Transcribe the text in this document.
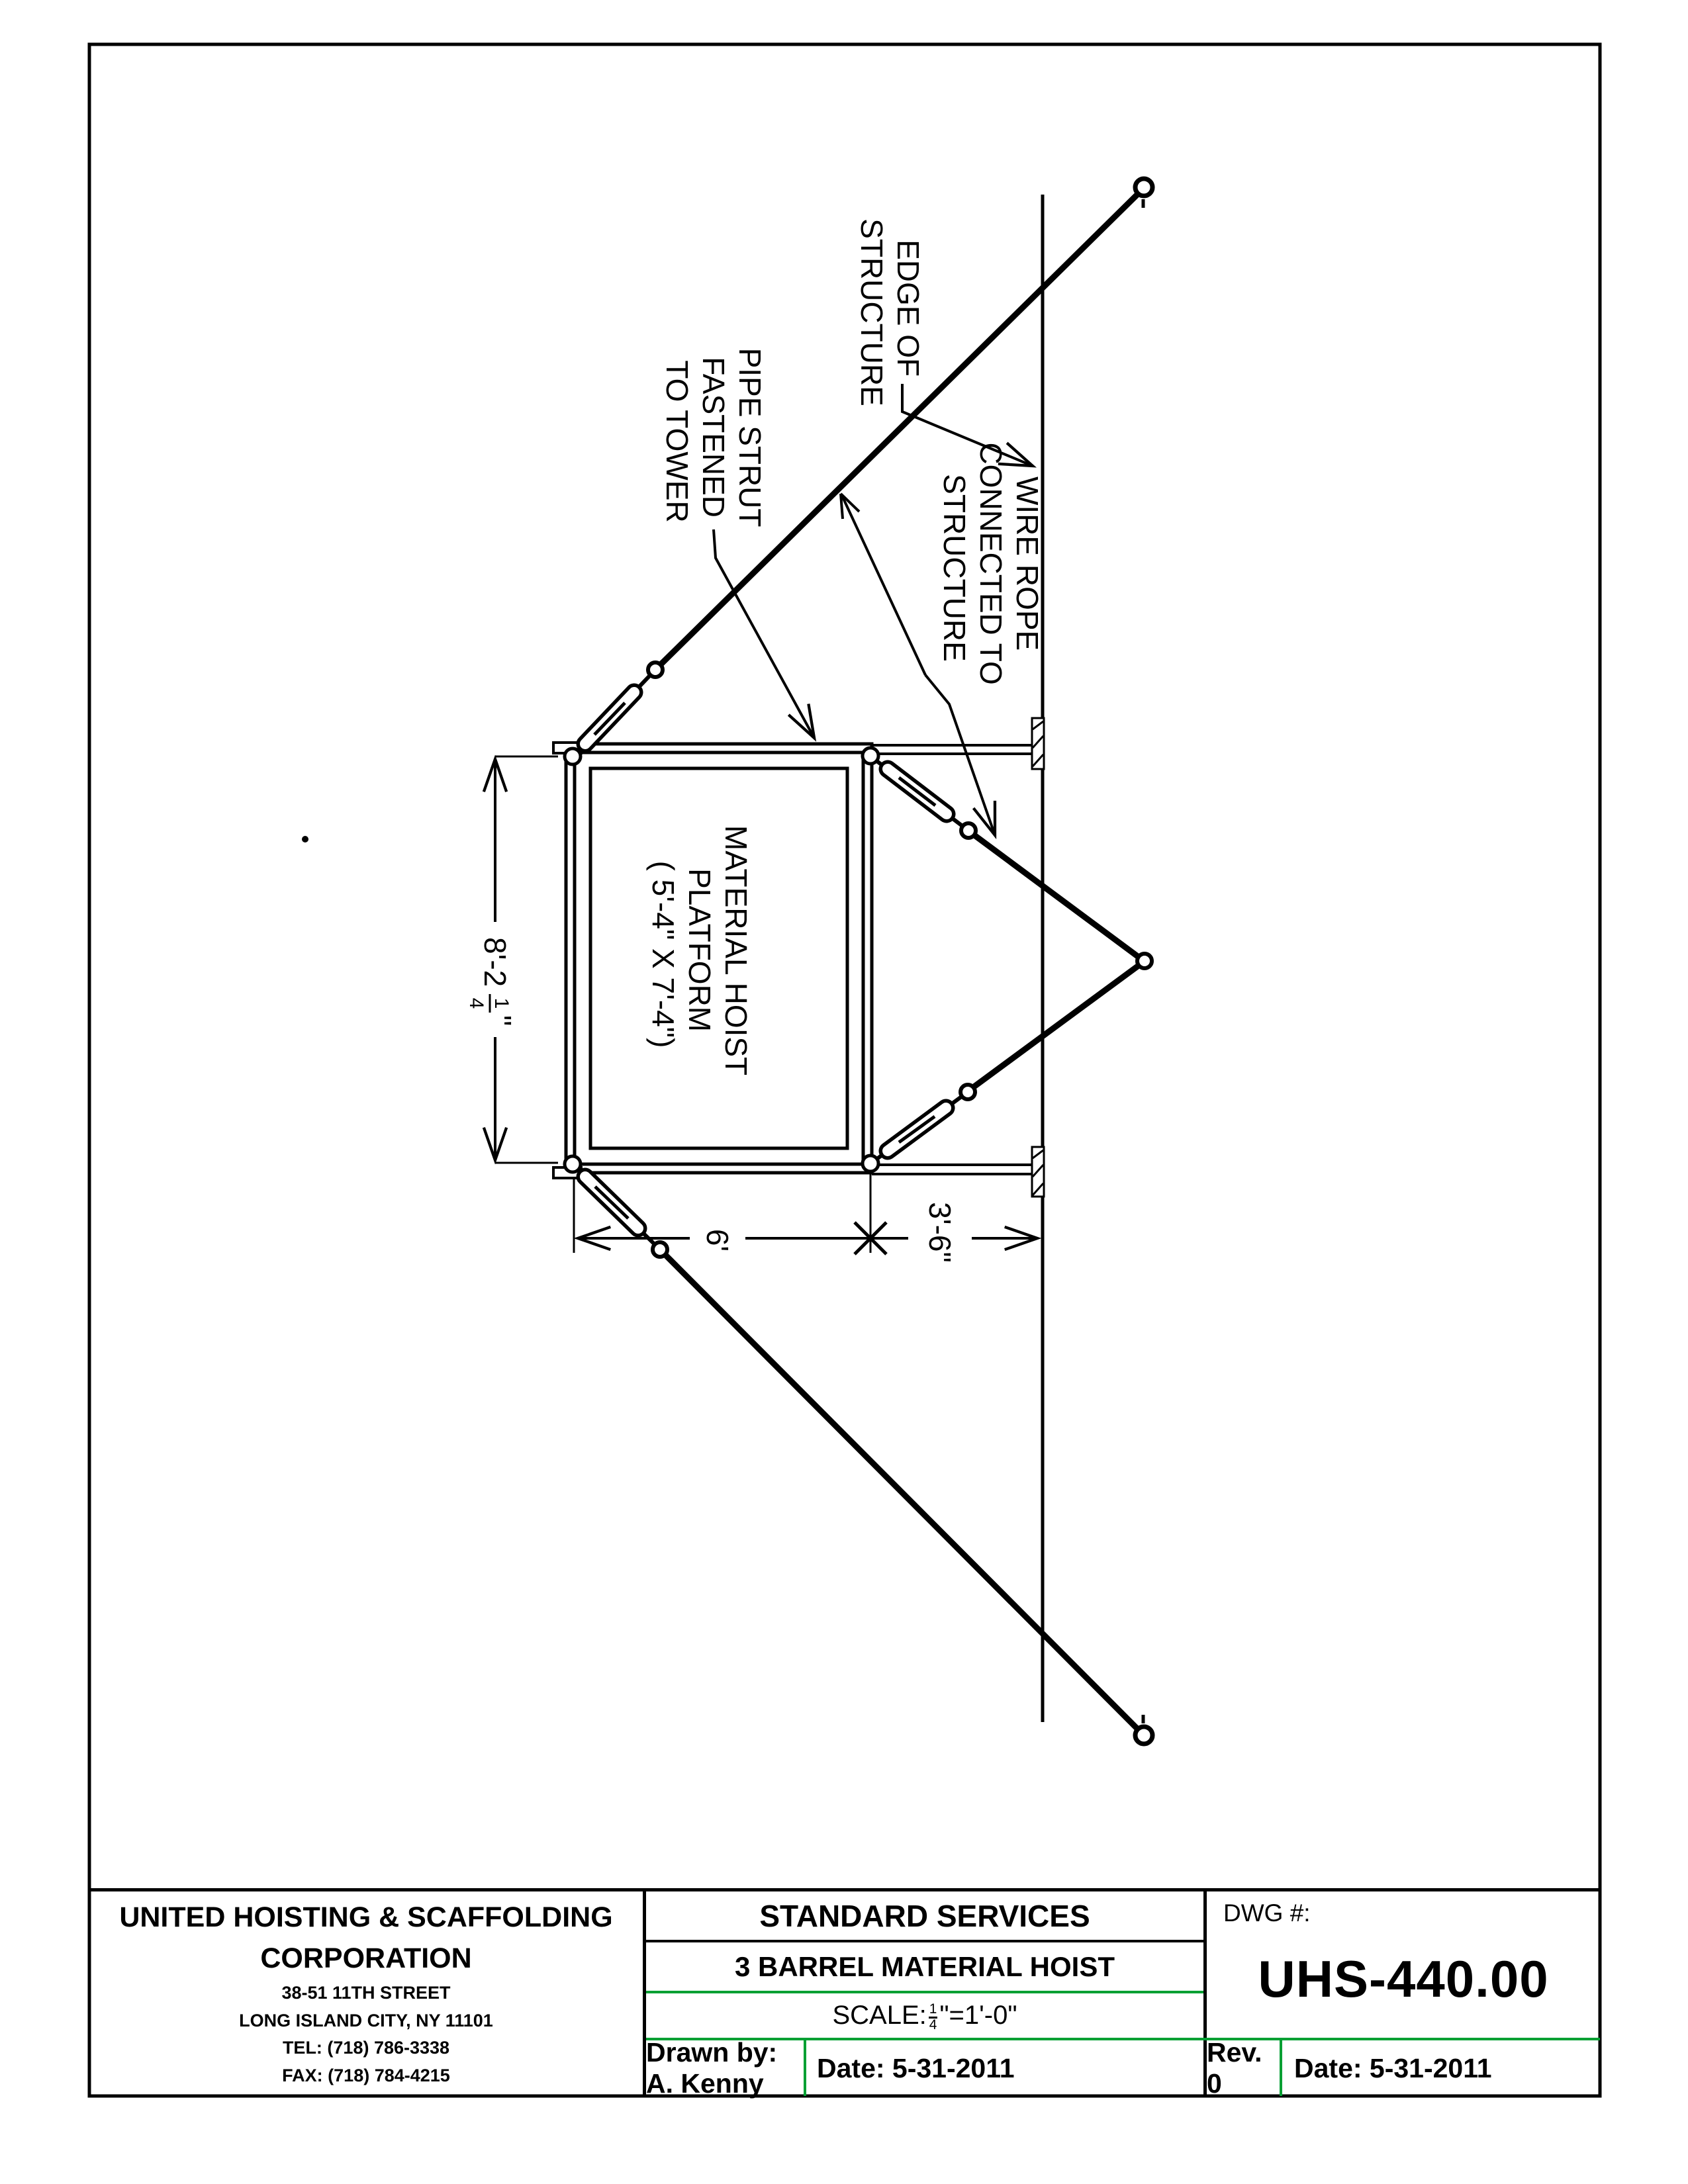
8'-2
1
4
"
6'	3'-6"
EDGE OF STRUCTURE
PIPE STRUT FASTENED TO TOWER
WIRE ROPE CONNECTED TO STRUCTURE
MATERIAL HOIST PLATFORM ( 5'-4" X 7'-4")
UNITED HOISTING & SCAFFOLDING
CORPORATION
38-51 11TH STREET
LONG ISLAND CITY, NY 11101
TEL: (718) 786-3338
FAX: (718) 784-4215
STANDARD SERVICES
3 BARREL MATERIAL HOIST
SCALE: $\frac{1}{4}$ "=1'-0"
Drawn by: A. Kenny
Date: 5-31-2011
DWG #:
UHS-440.00
Rev. 0
Date: 5-31-2011
